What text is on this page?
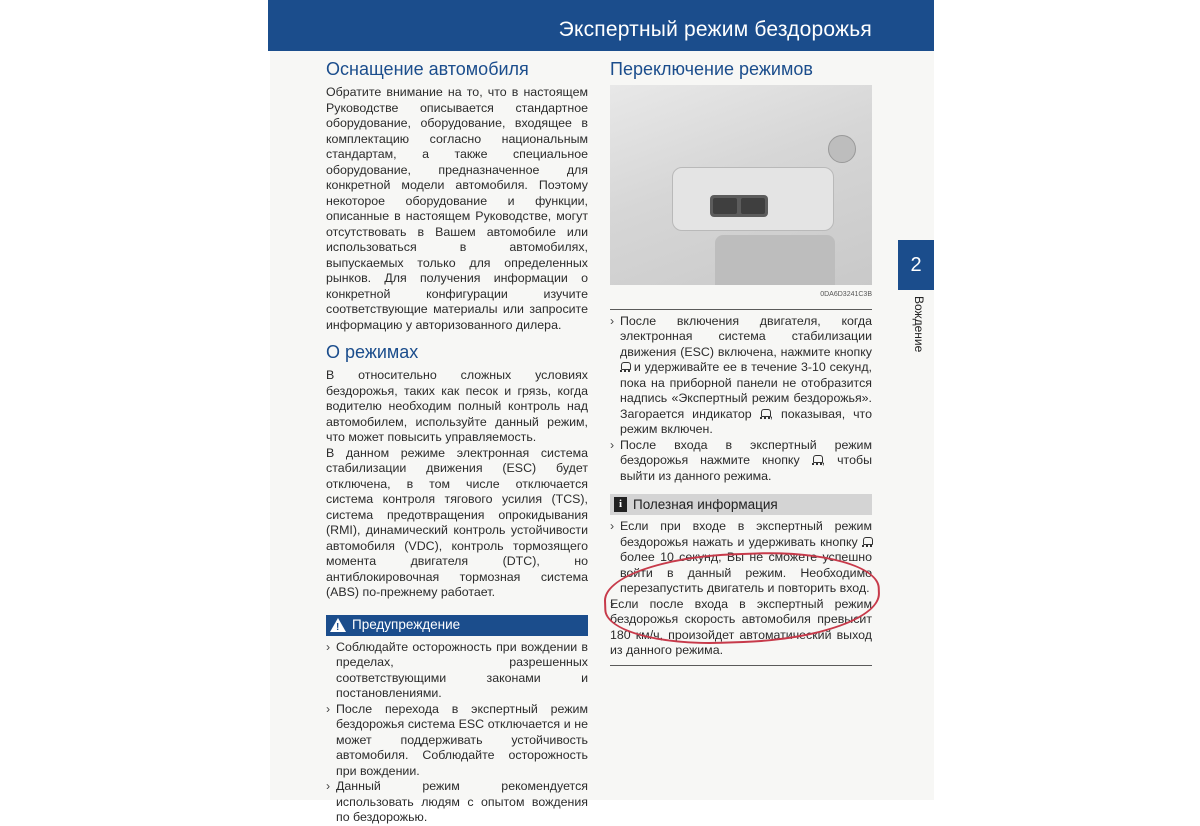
Экспертный режим бездорожья
Оснащение автомобиля

Обратите внимание на то, что в настоящем Руководстве описывается стандартное оборудование, оборудование, входящее в комплектацию согласно национальным стандартам, а также специальное оборудование, предназначенное для конкретной модели автомобиля. Поэтому некоторое оборудование и функции, описанные в настоящем Руководстве, могут отсутствовать в Вашем автомобиле или использоваться в автомобилях, выпускаемых только для определенных рынков. Для получения информации о конкретной конфигурации изучите соответствующие материалы или запросите информацию у авторизованного дилера.

О режимах

В относительно сложных условиях бездорожья, таких как песок и грязь, когда водителю необходим полный контроль над автомобилем, используйте данный режим, что может повысить управляемость.

В данном режиме электронная система стабилизации движения (ESC) будет отключена, в том числе отключается система контроля тягового усилия (TCS), система предотвращения опрокидывания (RMI), динамический контроль устойчивости автомобиля (VDC), контроль тормозящего момента двигателя (DTC), но антиблокировочная тормозная система (ABS) по-прежнему работает.

! Предупреждение
› Соблюдайте осторожность при вождении в пределах, разрешенных соответствующими законами и постановлениями.
› После перехода в экспертный режим бездорожья система ESC отключается и не может поддерживать устойчивость автомобиля. Соблюдайте осторожность при вождении.
› Данный режим рекомендуется использовать людям с опытом вождения по бездорожью.
Переключение режимов
0DA6D3241C3B
› После включения двигателя, когда электронная система стабилизации движения (ESC) включена, нажмите кнопку  и удерживайте ее в течение 3-10 секунд, пока на приборной панели не отобразится надпись «Экспертный режим бездорожья». Загорается индикатор , показывая, что режим включен.
› После входа в экспертный режим бездорожья нажмите кнопку , чтобы выйти из данного режима.
i Полезная информация
› Если при входе в экспертный режим бездорожья нажать и удерживать кнопку  более 10 секунд, Вы не сможете успешно войти в данный режим. Необходимо перезапустить двигатель и повторить вход.
› Если после входа в экспертный режим бездорожья скорость автомобиля превысит 180 км/ч, произойдет автоматический выход из данного режима.
2
Вождение
